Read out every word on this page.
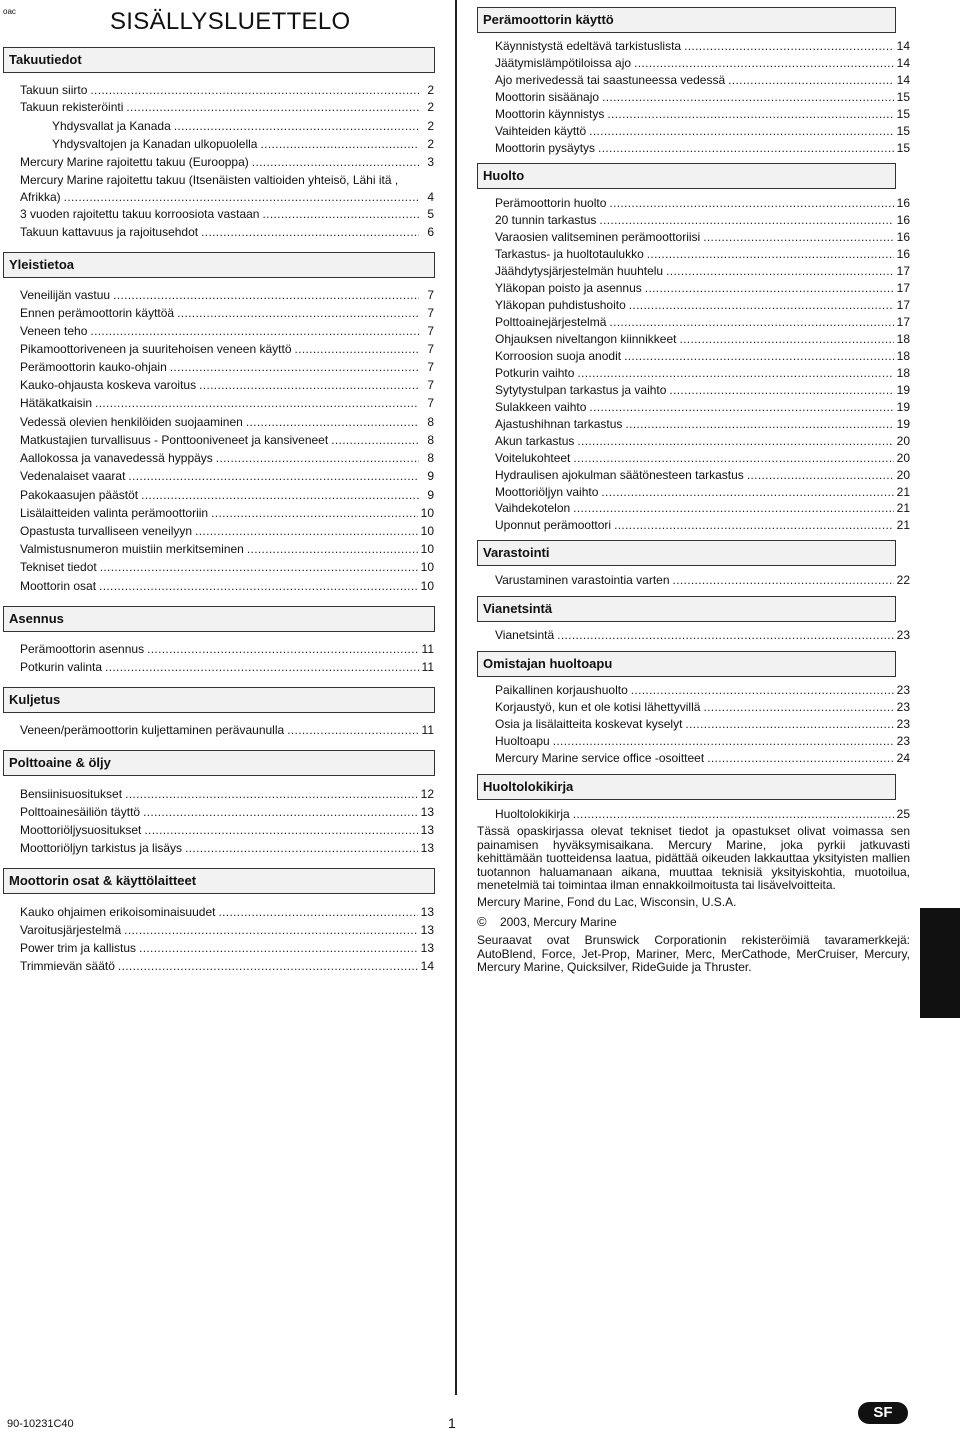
oac	SISÄLLYSLUETTELO
Takuutiedot
Takuun siirto . . .	2
Takuun rekisteröinti . . .	2
Yhdysvallat ja Kanada . . .	2
Yhdysvaltojen ja Kanadan ulkopuolella . . .	2
Mercury Marine rajoitettu takuu (Eurooppa) . . .	3
Mercury Marine rajoitettu takuu (Itsenäisten valtioiden yhteisö, Lähi itä ,
Afrikka) . . .	4
3 vuoden rajoitettu takuu korroosiota vastaan . . .	5
Takuun kattavuus ja rajoitusehdot . . .	6
Yleistietoa
Veneilijän vastuu . . .	7
Ennen perämoottorin käyttöä . . .	7
Veneen teho . . .	7
Pikamoottoriveneen ja suuritehoisen veneen käyttö . . .	7
Perämoottorin kauko-ohjain . . .	7
Kauko-ohjausta koskeva varoitus . . .	7
Hätäkatkaisin . . .	7
Vedessä olevien henkilöiden suojaaminen . . .	8
Matkustajien turvallisuus - Ponttooniveneet ja kansiveneet . . .	8
Aallokossa ja vanavedessä hyppäys . . .	8
Vedenalaiset vaarat . . .	9
Pakokaasujen päästöt . . .	9
Lisälaitteiden valinta perämoottoriin . . .	10
Opastusta turvalliseen veneilyyn . . .	10
Valmistusnumeron muistiin merkitseminen . . .	10
Tekniset tiedot . . .	10
Moottorin osat . . .	10
Asennus
Perämoottorin asennus . . .	11
Potkurin valinta . . .	11
Kuljetus
Veneen/perämoottorin kuljettaminen perävaunulla . . .	11
Polttoaine & öljy
Bensiinisuositukset . . .	12
Polttoainesäiliön täyttö . . .	13
Moottoriöljysuositukset . . .	13
Moottoriöljyn tarkistus ja lisäys . . .	13
Moottorin osat & käyttölaitteet
Kauko ohjaimen erikoisominaisuudet . . .	13
Varoitusjärjestelmä . . .	13
Power trim ja kallistus . . .	13
Trimmievän säätö . . .	14
Perämoottorin käyttö
Käynnistystä edeltävä tarkistuslista . . .	14
Jäätymislämpötiloissa ajo . . .	14
Ajo merivedessä tai saastuneessa vedessä . . .	14
Moottorin sisäänajo . . .	15
Moottorin käynnistys . . .	15
Vaihteiden käyttö . . .	15
Moottorin pysäytys . . .	15
Huolto
Perämoottorin huolto . . .	16
20 tunnin tarkastus . . .	16
Varaosien valitseminen perämoottoriisi . . .	16
Tarkastus- ja huoltotaulukko . . .	16
Jäähdytysjärjestelmän huuhtelu . . .	17
Yläkopan poisto ja asennus . . .	17
Yläkopan puhdistushoito . . .	17
Polttoainejärjestelmä . . .	17
Ohjauksen niveltangon kiinnikkeet . . .	18
Korroosion suoja anodit . . .	18
Potkurin vaihto . . .	18
Sytytystulpan tarkastus ja vaihto . . .	19
Sulakkeen vaihto . . .	19
Ajastushihnan tarkastus . . .	19
Akun tarkastus . . .	20
Voitelukohteet . . .	20
Hydraulisen ajokulman säätönesteen tarkastus . . .	20
Moottoriöljyn vaihto . . .	21
Vaihdekotelon . . .	21
Uponnut perämoottori . . .	21
Varastointi
Varustaminen varastointia varten . . .	22
Vianetsintä
Vianetsintä . . .	23
Omistajan huoltoapu
Paikallinen korjaushuolto . . .	23
Korjaustyö, kun et ole kotisi lähettyvillä . . .	23
Osia ja lisälaitteita koskevat kyselyt . . .	23
Huoltoapu . . .	23
Mercury Marine service office -osoitteet . . .	24
Huoltolokikirja
Huoltolokikirja . . .	25
Tässä opaskirjassa olevat tekniset tiedot ja opastukset olivat voimassa sen painamisen hyväksymisaikana. Mercury Marine, joka pyrkii jatkuvasti kehittämään tuotteidensa laatua, pidättää oikeuden lakkauttaa yksityisten mallien tuotannon haluamanaan aikana, muuttaa teknisiä yksityiskohtia, muotoilua, menetelmiä tai toimintaa ilman ennakkoilmoitusta tai lisävelvoitteita.
Mercury Marine, Fond du Lac, Wisconsin, U.S.A.
© 2003, Mercury Marine
Seuraavat ovat Brunswick Corporationin rekisteröimiä tavaramerkkejä: AutoBlend, Force, Jet-Prop, Mariner, Merc, MerCathode, MerCruiser, Mercury, Mercury Marine, Quicksilver, RideGuide ja Thruster.
90-10231C40	1
SF
